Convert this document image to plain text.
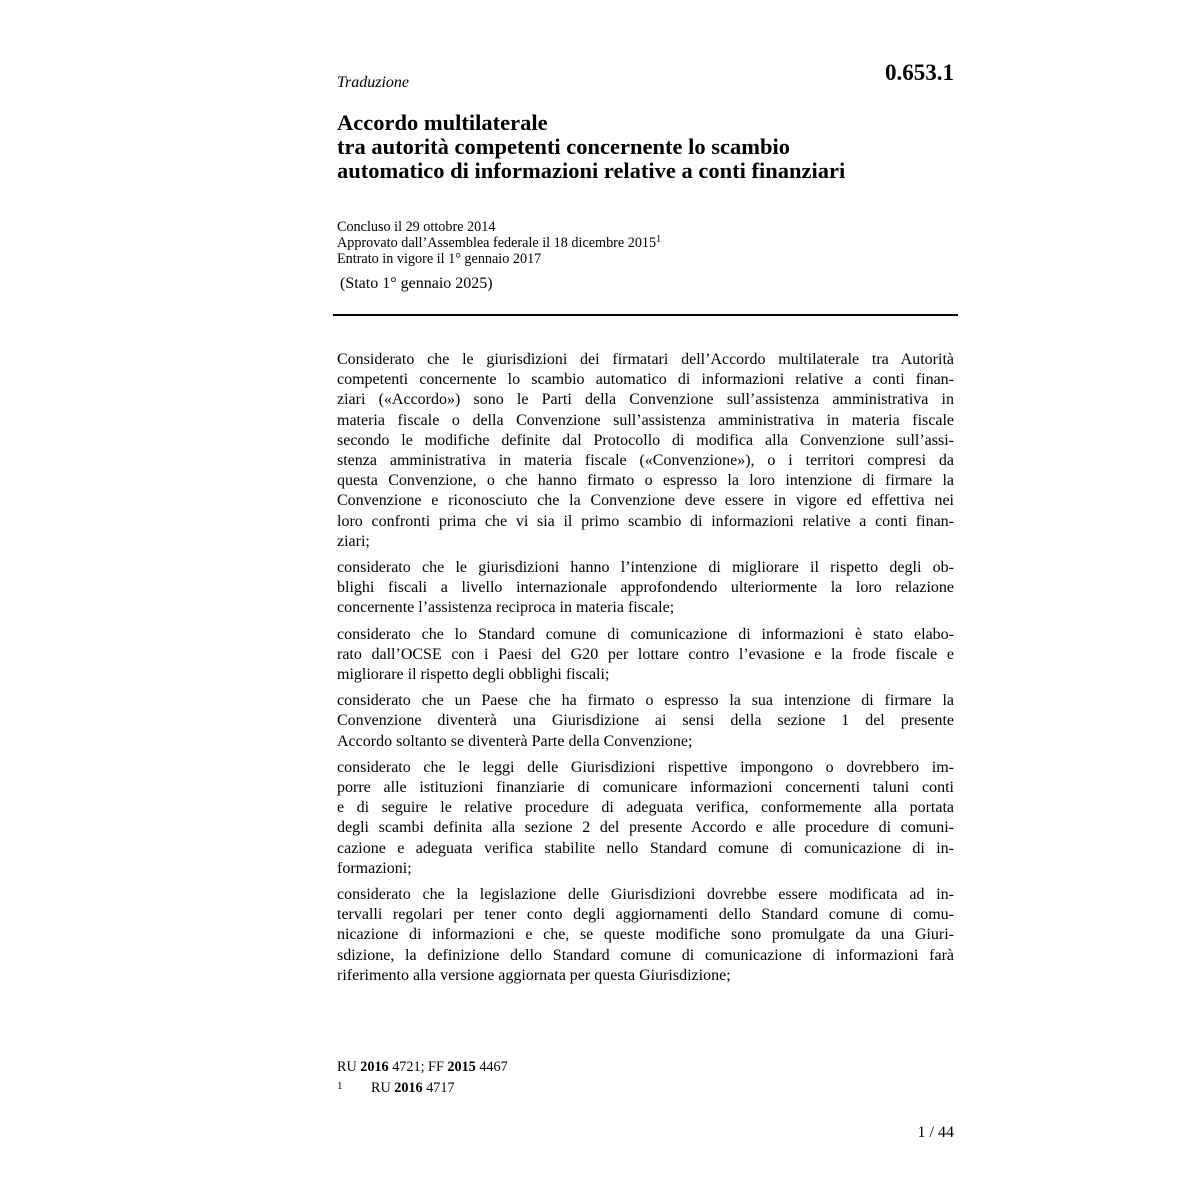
Traduzione	0.653.1
Accordo multilaterale
tra autorità competenti concernente lo scambio
automatico di informazioni relative a conti finanziari
Concluso il 29 ottobre 2014
Approvato dall’Assemblea federale il 18 dicembre 2015$^1$
Entrato in vigore il 1° gennaio 2017
(Stato 1° gennaio 2025)
Considerato che le giurisdizioni dei firmatari dell’Accordo multilaterale tra Autorità
competenti concernente lo scambio automatico di informazioni relative a conti finan-
ziari («Accordo») sono le Parti della Convenzione sull’assistenza amministrativa in
materia fiscale o della Convenzione sull’assistenza amministrativa in materia fiscale
secondo le modifiche definite dal Protocollo di modifica alla Convenzione sull’assi-
stenza amministrativa in materia fiscale («Convenzione»), o i territori compresi da
questa Convenzione, o che hanno firmato o espresso la loro intenzione di firmare la
Convenzione e riconosciuto che la Convenzione deve essere in vigore ed effettiva nei
loro confronti prima che vi sia il primo scambio di informazioni relative a conti finan-
ziari;
considerato che le giurisdizioni hanno l’intenzione di migliorare il rispetto degli ob-
blighi fiscali a livello internazionale approfondendo ulteriormente la loro relazione
concernente l’assistenza reciproca in materia fiscale;
considerato che lo Standard comune di comunicazione di informazioni è stato elabo-
rato dall’OCSE con i Paesi del G20 per lottare contro l’evasione e la frode fiscale e
migliorare il rispetto degli obblighi fiscali;
considerato che un Paese che ha firmato o espresso la sua intenzione di firmare la
Convenzione diventerà una Giurisdizione ai sensi della sezione 1 del presente
Accordo soltanto se diventerà Parte della Convenzione;
considerato che le leggi delle Giurisdizioni rispettive impongono o dovrebbero im-
porre alle istituzioni finanziarie di comunicare informazioni concernenti taluni conti
e di seguire le relative procedure di adeguata verifica, conformemente alla portata
degli scambi definita alla sezione 2 del presente Accordo e alle procedure di comuni-
cazione e adeguata verifica stabilite nello Standard comune di comunicazione di in-
formazioni;
considerato che la legislazione delle Giurisdizioni dovrebbe essere modificata ad in-
tervalli regolari per tener conto degli aggiornamenti dello Standard comune di comu-
nicazione di informazioni e che, se queste modifiche sono promulgate da una Giuri-
sdizione, la definizione dello Standard comune di comunicazione di informazioni farà
riferimento alla versione aggiornata per questa Giurisdizione;
RU 2016 4721; FF 2015 4467
1 RU 2016 4717
1 / 44
